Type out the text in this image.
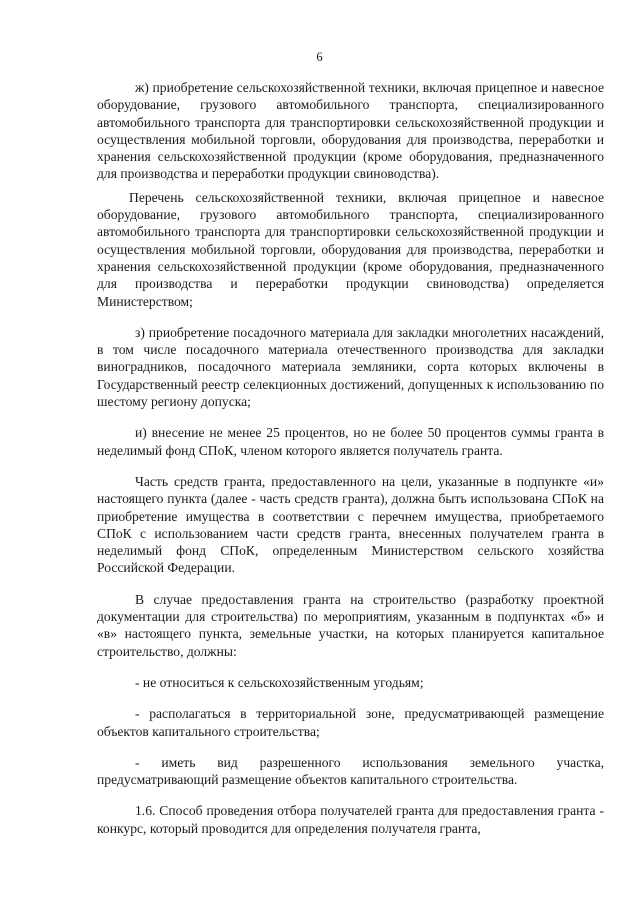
6

ж) приобретение сельскохозяйственной техники, включая прицепное и навесное оборудование, грузового автомобильного транспорта, специализированного автомобильного транспорта для транспортировки сельскохозяйственной продукции и осуществления мобильной торговли, оборудования для производства, переработки и хранения сельскохозяйственной продукции (кроме оборудования, предназначенного для производства и переработки продукции свиноводства).

Перечень сельскохозяйственной техники, включая прицепное и навесное оборудование, грузового автомобильного транспорта, специализированного автомобильного транспорта для транспортировки сельскохозяйственной продукции и осуществления мобильной торговли, оборудования для производства, переработки и хранения сельскохозяйственной продукции (кроме оборудования, предназначенного для производства и переработки продукции свиноводства) определяется Министерством;

з) приобретение посадочного материала для закладки многолетних насаждений, в том числе посадочного материала отечественного производства для закладки виноградников, посадочного материала земляники, сорта которых включены в Государственный реестр селекционных достижений, допущенных к использованию по шестому региону допуска;

и) внесение не менее 25 процентов, но не более 50 процентов суммы гранта в неделимый фонд СПоК, членом которого является получатель гранта.

Часть средств гранта, предоставленного на цели, указанные в подпункте «и» настоящего пункта (далее - часть средств гранта), должна быть использована СПоК на приобретение имущества в соответствии с перечнем имущества, приобретаемого СПоК с использованием части средств гранта, внесенных получателем гранта в неделимый фонд СПоК, определенным Министерством сельского хозяйства Российской Федерации.

В случае предоставления гранта на строительство (разработку проектной документации для строительства) по мероприятиям, указанным в подпунктах «б» и «в» настоящего пункта, земельные участки, на которых планируется капитальное строительство, должны:

- не относиться к сельскохозяйственным угодьям;

- располагаться в территориальной зоне, предусматривающей размещение объектов капитального строительства;

- иметь вид разрешенного использования земельного участка, предусматривающий размещение объектов капитального строительства.

1.6. Способ проведения отбора получателей гранта для предоставления гранта - конкурс, который проводится для определения получателя гранта,
